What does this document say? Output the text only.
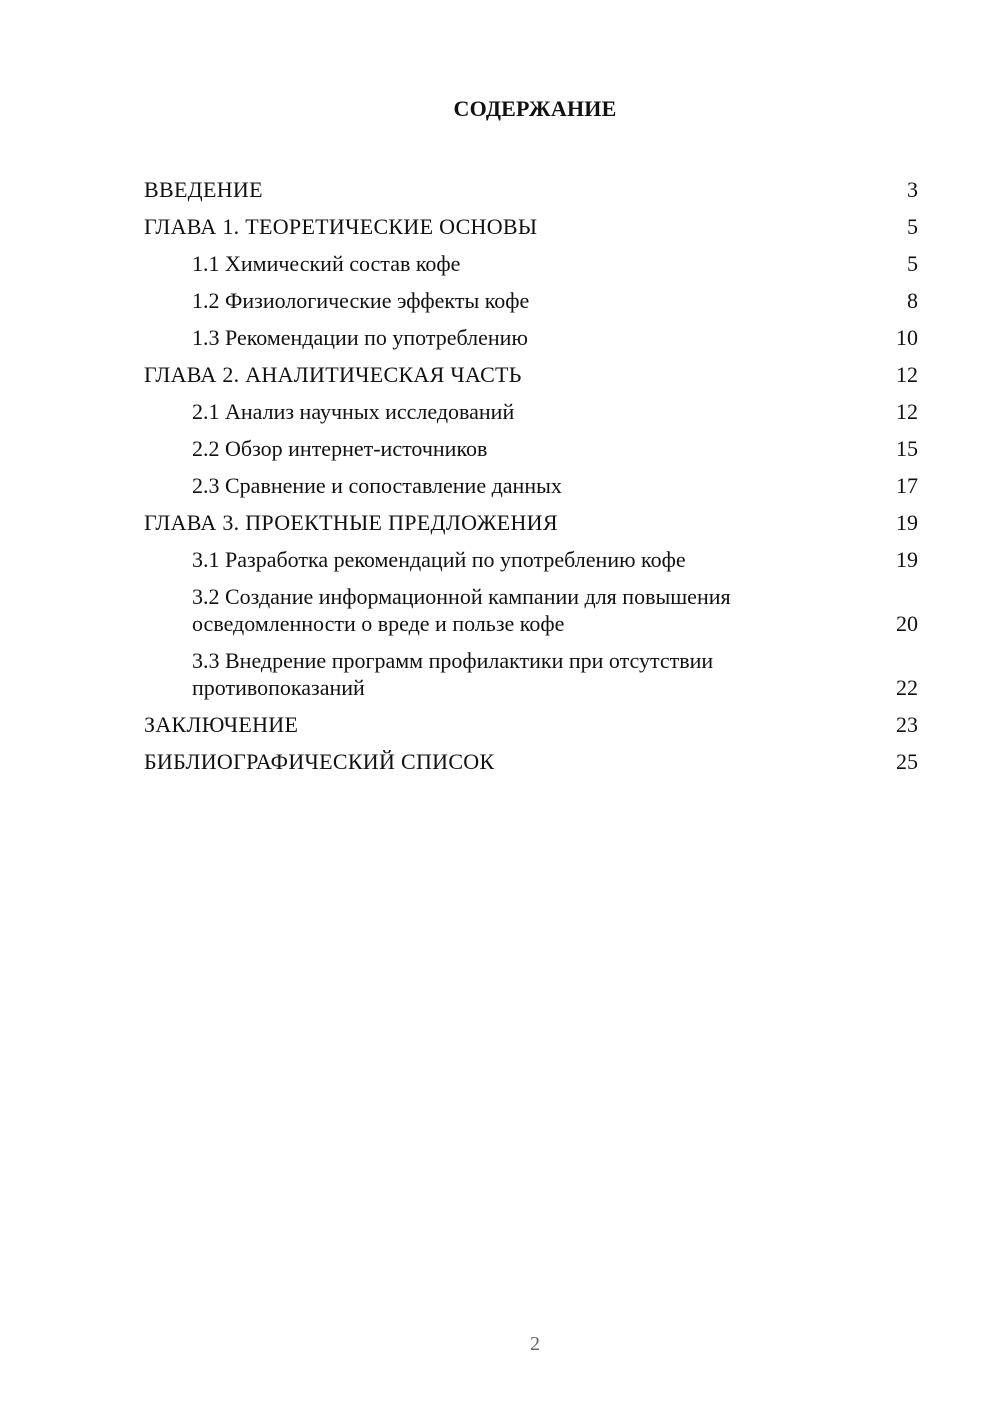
СОДЕРЖАНИЕ
ВВЕДЕНИЕ	3
ГЛАВА 1. ТЕОРЕТИЧЕСКИЕ ОСНОВЫ	5
1.1 Химический состав кофе	5
1.2 Физиологические эффекты кофе	8
1.3 Рекомендации по употреблению	10
ГЛАВА 2. АНАЛИТИЧЕСКАЯ ЧАСТЬ	12
2.1 Анализ научных исследований	12
2.2 Обзор интернет-источников	15
2.3 Сравнение и сопоставление данных	17
ГЛАВА 3. ПРОЕКТНЫЕ ПРЕДЛОЖЕНИЯ	19
3.1 Разработка рекомендаций по употреблению кофе	19
3.2 Создание информационной кампании для повышения осведомленности о вреде и пользе кофе	20
3.3 Внедрение программ профилактики при отсутствии противопоказаний	22
ЗАКЛЮЧЕНИЕ	23
БИБЛИОГРАФИЧЕСКИЙ СПИСОК	25
2
